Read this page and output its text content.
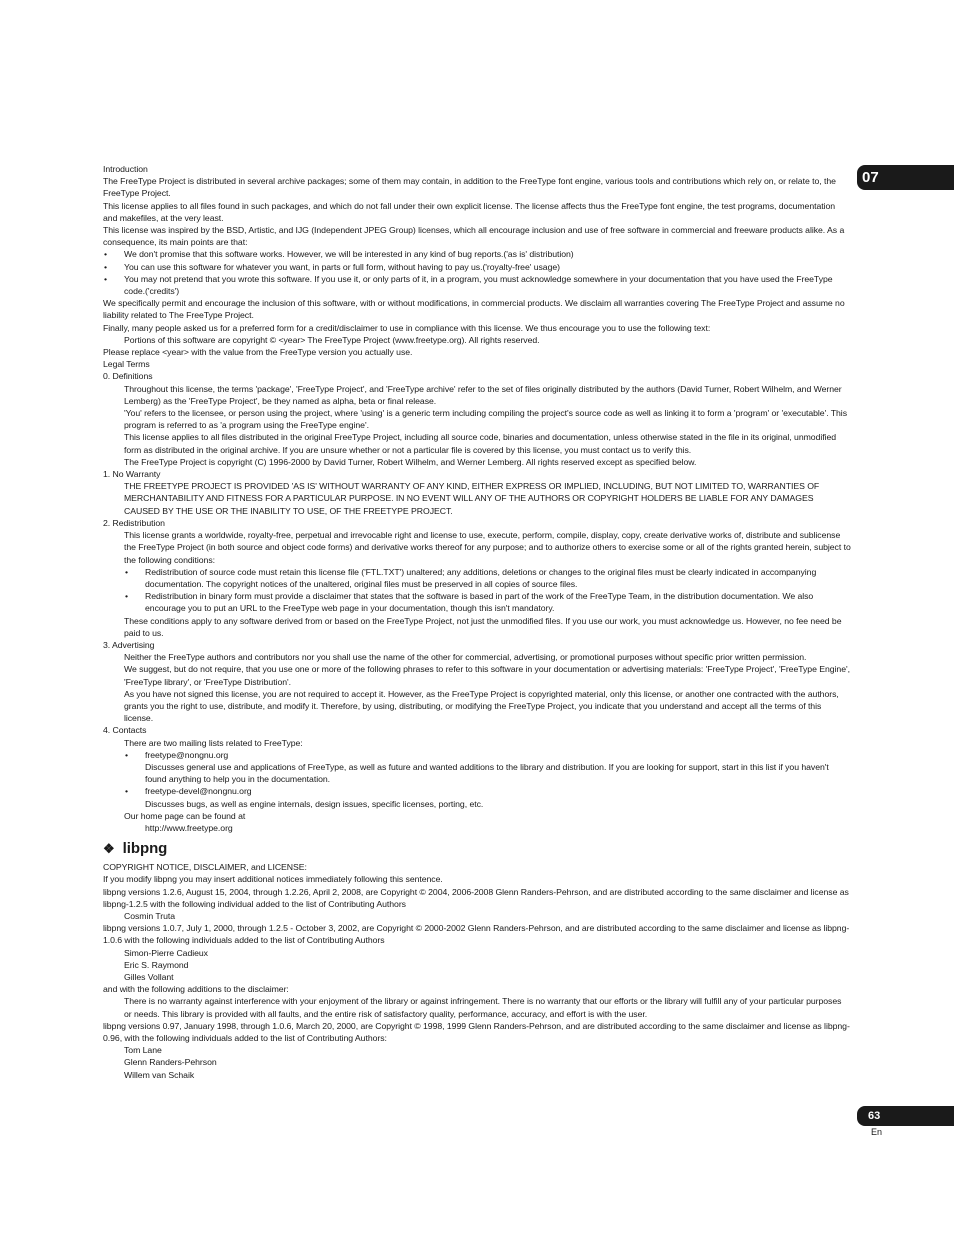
07

Introduction

The FreeType Project is distributed in several archive packages; some of them may contain, in addition to the FreeType font engine, various tools and contributions which rely on, or relate to, the FreeType Project.

This license applies to all files found in such packages, and which do not fall under their own explicit license. The license affects thus the FreeType font engine, the test programs, documentation and makefiles, at the very least.

This license was inspired by the BSD, Artistic, and IJG (Independent JPEG Group) licenses, which all encourage inclusion and use of free software in commercial and freeware products alike. As a consequence, its main points are that:

• We don't promise that this software works. However, we will be interested in any kind of bug reports.('as is' distribution)

• You can use this software for whatever you want, in parts or full form, without having to pay us.('royalty-free' usage)

• You may not pretend that you wrote this software. If you use it, or only parts of it, in a program, you must acknowledge somewhere in your documentation that you have used the FreeType code.('credits')

We specifically permit and encourage the inclusion of this software, with or without modifications, in commercial products. We disclaim all warranties covering The FreeType Project and assume no liability related to The FreeType Project.

Finally, many people asked us for a preferred form for a credit/disclaimer to use in compliance with this license. We thus encourage you to use the following text:

Portions of this software are copyright © <year> The FreeType Project (www.freetype.org). All rights reserved.

Please replace <year> with the value from the FreeType version you actually use.

Legal Terms

0. Definitions

Throughout this license, the terms 'package', 'FreeType Project', and 'FreeType archive' refer to the set of files originally distributed by the authors (David Turner, Robert Wilhelm, and Werner Lemberg) as the 'FreeType Project', be they named as alpha, beta or final release.

'You' refers to the licensee, or person using the project, where 'using' is a generic term including compiling the project's source code as well as linking it to form a 'program' or 'executable'. This program is referred to as 'a program using the FreeType engine'.

This license applies to all files distributed in the original FreeType Project, including all source code, binaries and documentation, unless otherwise stated in the file in its original, unmodified form as distributed in the original archive. If you are unsure whether or not a particular file is covered by this license, you must contact us to verify this.

The FreeType Project is copyright (C) 1996-2000 by David Turner, Robert Wilhelm, and Werner Lemberg. All rights reserved except as specified below.

1. No Warranty

THE FREETYPE PROJECT IS PROVIDED 'AS IS' WITHOUT WARRANTY OF ANY KIND, EITHER EXPRESS OR IMPLIED, INCLUDING, BUT NOT LIMITED TO, WARRANTIES OF MERCHANTABILITY AND FITNESS FOR A PARTICULAR PURPOSE. IN NO EVENT WILL ANY OF THE AUTHORS OR COPYRIGHT HOLDERS BE LIABLE FOR ANY DAMAGES CAUSED BY THE USE OR THE INABILITY TO USE, OF THE FREETYPE PROJECT.

2. Redistribution

This license grants a worldwide, royalty-free, perpetual and irrevocable right and license to use, execute, perform, compile, display, copy, create derivative works of, distribute and sublicense the FreeType Project (in both source and object code forms) and derivative works thereof for any purpose; and to authorize others to exercise some or all of the rights granted herein, subject to the following conditions:

• Redistribution of source code must retain this license file ('FTL.TXT') unaltered; any additions, deletions or changes to the original files must be clearly indicated in accompanying documentation. The copyright notices of the unaltered, original files must be preserved in all copies of source files.

• Redistribution in binary form must provide a disclaimer that states that the software is based in part of the work of the FreeType Team, in the distribution documentation. We also encourage you to put an URL to the FreeType web page in your documentation, though this isn't mandatory.

These conditions apply to any software derived from or based on the FreeType Project, not just the unmodified files. If you use our work, you must acknowledge us. However, no fee need be paid to us.

3. Advertising

Neither the FreeType authors and contributors nor you shall use the name of the other for commercial, advertising, or promotional purposes without specific prior written permission.

We suggest, but do not require, that you use one or more of the following phrases to refer to this software in your documentation or advertising materials: 'FreeType Project', 'FreeType Engine', 'FreeType library', or 'FreeType Distribution'.

As you have not signed this license, you are not required to accept it. However, as the FreeType Project is copyrighted material, only this license, or another one contracted with the authors, grants you the right to use, distribute, and modify it. Therefore, by using, distributing, or modifying the FreeType Project, you indicate that you understand and accept all the terms of this license.

4. Contacts

There are two mailing lists related to FreeType:

• freetype@nongnu.org

Discusses general use and applications of FreeType, as well as future and wanted additions to the library and distribution. If you are looking for support, start in this list if you haven't found anything to help you in the documentation.

• freetype-devel@nongnu.org

Discusses bugs, as well as engine internals, design issues, specific licenses, porting, etc.

Our home page can be found at

http://www.freetype.org

❖ libpng

COPYRIGHT NOTICE, DISCLAIMER, and LICENSE:

If you modify libpng you may insert additional notices immediately following this sentence.

libpng versions 1.2.6, August 15, 2004, through 1.2.26, April 2, 2008, are Copyright © 2004, 2006-2008 Glenn Randers-Pehrson, and are distributed according to the same disclaimer and license as libpng-1.2.5 with the following individual added to the list of Contributing Authors

Cosmin Truta

libpng versions 1.0.7, July 1, 2000, through 1.2.5 - October 3, 2002, are Copyright © 2000-2002 Glenn Randers-Pehrson, and are distributed according to the same disclaimer and license as libpng-1.0.6 with the following individuals added to the list of Contributing Authors

Simon-Pierre Cadieux

Eric S. Raymond

Gilles Vollant

and with the following additions to the disclaimer:

There is no warranty against interference with your enjoyment of the library or against infringement. There is no warranty that our efforts or the library will fulfill any of your particular purposes or needs. This library is provided with all faults, and the entire risk of satisfactory quality, performance, accuracy, and effort is with the user.

libpng versions 0.97, January 1998, through 1.0.6, March 20, 2000, are Copyright © 1998, 1999 Glenn Randers-Pehrson, and are distributed according to the same disclaimer and license as libpng-0.96, with the following individuals added to the list of Contributing Authors:

Tom Lane

Glenn Randers-Pehrson

Willem van Schaik

63
En
